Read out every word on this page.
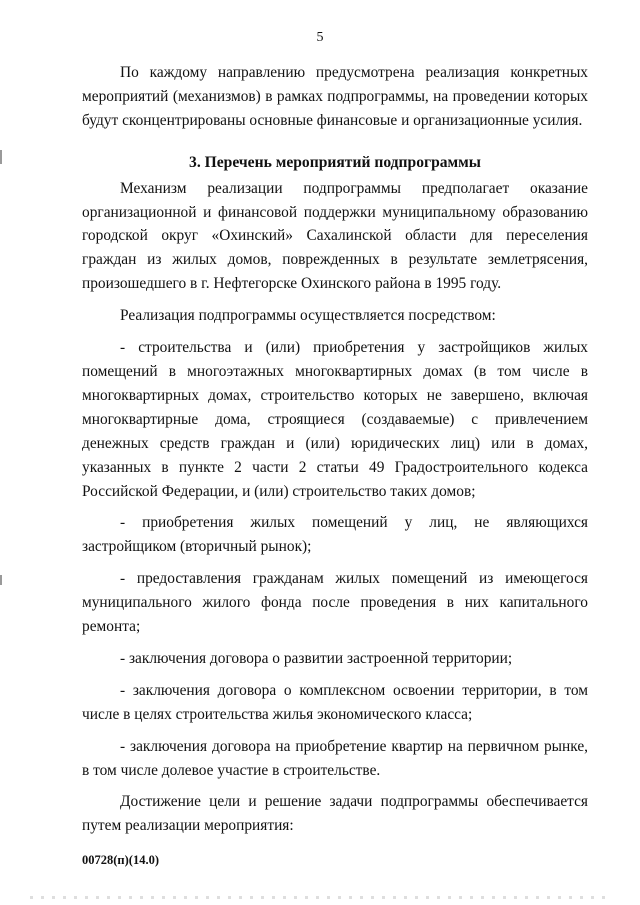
5

По каждому направлению предусмотрена реализация конкретных мероприятий (механизмов) в рамках подпрограммы, на проведении которых будут сконцентрированы основные финансовые и организационные усилия.

3. Перечень мероприятий подпрограммы

Механизм реализации подпрограммы предполагает оказание организационной и финансовой поддержки муниципальному образованию городской округ «Охинский» Сахалинской области для переселения граждан из жилых домов, поврежденных в результате землетрясения, произошедшего в г. Нефтегорске Охинского района в 1995 году.

Реализация подпрограммы осуществляется посредством:

- строительства и (или) приобретения у застройщиков жилых помещений в многоэтажных многоквартирных домах (в том числе в многоквартирных домах, строительство которых не завершено, включая многоквартирные дома, строящиеся (создаваемые) с привлечением денежных средств граждан и (или) юридических лиц) или в домах, указанных в пункте 2 части 2 статьи 49 Градостроительного кодекса Российской Федерации, и (или) строительство таких домов;

- приобретения жилых помещений у лиц, не являющихся застройщиком (вторичный рынок);

- предоставления гражданам жилых помещений из имеющегося муниципального жилого фонда после проведения в них капитального ремонта;

- заключения договора о развитии застроенной территории;

- заключения договора о комплексном освоении территории, в том числе в целях строительства жилья экономического класса;

- заключения договора на приобретение квартир на первичном рынке, в том числе долевое участие в строительстве.

Достижение цели и решение задачи подпрограммы обеспечивается путем реализации мероприятия:

00728(п)(14.0)
